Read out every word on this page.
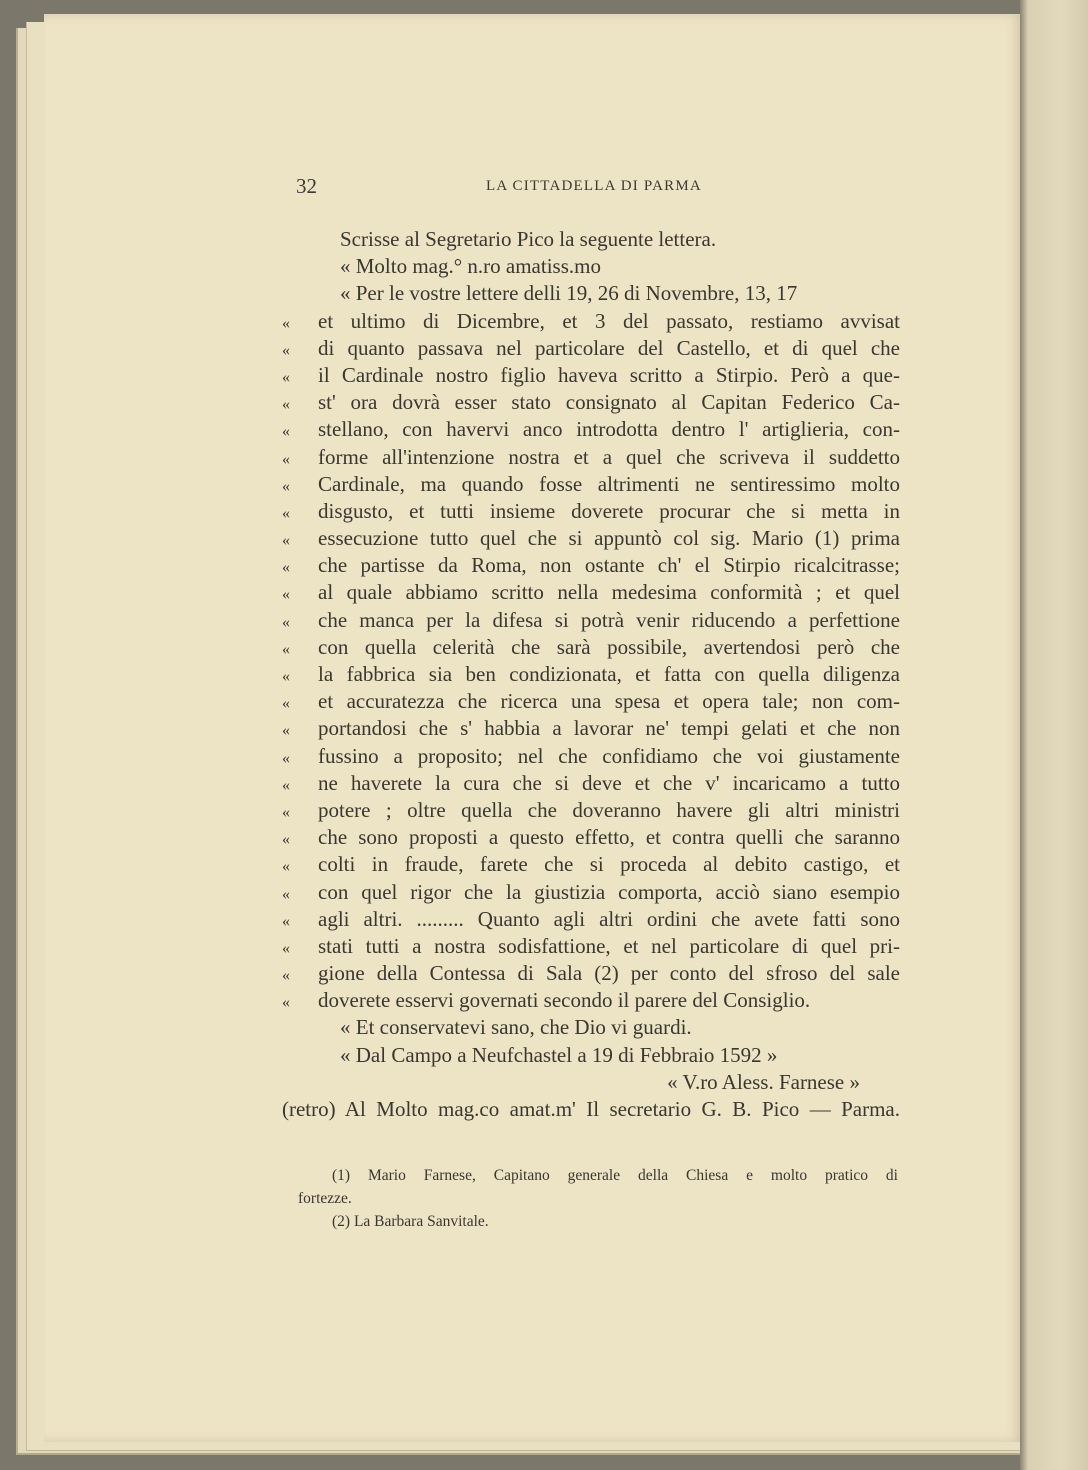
32	LA CITTADELLA DI PARMA
Scrisse al Segretario Pico la seguente lettera.
« Molto mag.° n.ro amatiss.mo
« Per le vostre lettere delli 19, 26 di Novembre, 13, 17
« et ultimo di Dicembre, et 3 del passato, restiamo avvisat
« di quanto passava nel particolare del Castello, et di quel che
« il Cardinale nostro figlio haveva scritto a Stirpio. Però a que-
« st' ora dovrà esser stato consignato al Capitan Federico Ca-
« stellano, con havervi anco introdotta dentro l' artiglieria, con-
« forme all'intenzione nostra et a quel che scriveva il suddetto
« Cardinale, ma quando fosse altrimenti ne sentiressimo molto
« disgusto, et tutti insieme doverete procurar che si metta in
« essecuzione tutto quel che si appuntò col sig. Mario (1) prima
« che partisse da Roma, non ostante ch' el Stirpio ricalcitrasse;
« al quale abbiamo scritto nella medesima conformità ; et quel
« che manca per la difesa si potrà venir riducendo a perfettione
« con quella celerità che sarà possibile, avertendosi però che
« la fabbrica sia ben condizionata, et fatta con quella diligenza
« et accuratezza che ricerca una spesa et opera tale; non com-
« portandosi che s' habbia a lavorar ne' tempi gelati et che non
« fussino a proposito; nel che confidiamo che voi giustamente
« ne haverete la cura che si deve et che v' incaricamo a tutto
« potere ; oltre quella che doveranno havere gli altri ministri
« che sono proposti a questo effetto, et contra quelli che saranno
« colti in fraude, farete che si proceda al debito castigo, et
« con quel rigor che la giustizia comporta, acciò siano esempio
« agli altri. ......... Quanto agli altri ordini che avete fatti sono
« stati tutti a nostra sodisfattione, et nel particolare di quel pri-
« gione della Contessa di Sala (2) per conto del sfroso del sale
« doverete esservi governati secondo il parere del Consiglio.
« Et conservatevi sano, che Dio vi guardi.
« Dal Campo a Neufchastel a 19 di Febbraio 1592 »
« V.ro Aless. Farnese »
(retro) Al Molto mag.co amat.m' Il secretario G. B. Pico — Parma.
(1) Mario Farnese, Capitano generale della Chiesa e molto pratico di
fortezze.
(2) La Barbara Sanvitale.
